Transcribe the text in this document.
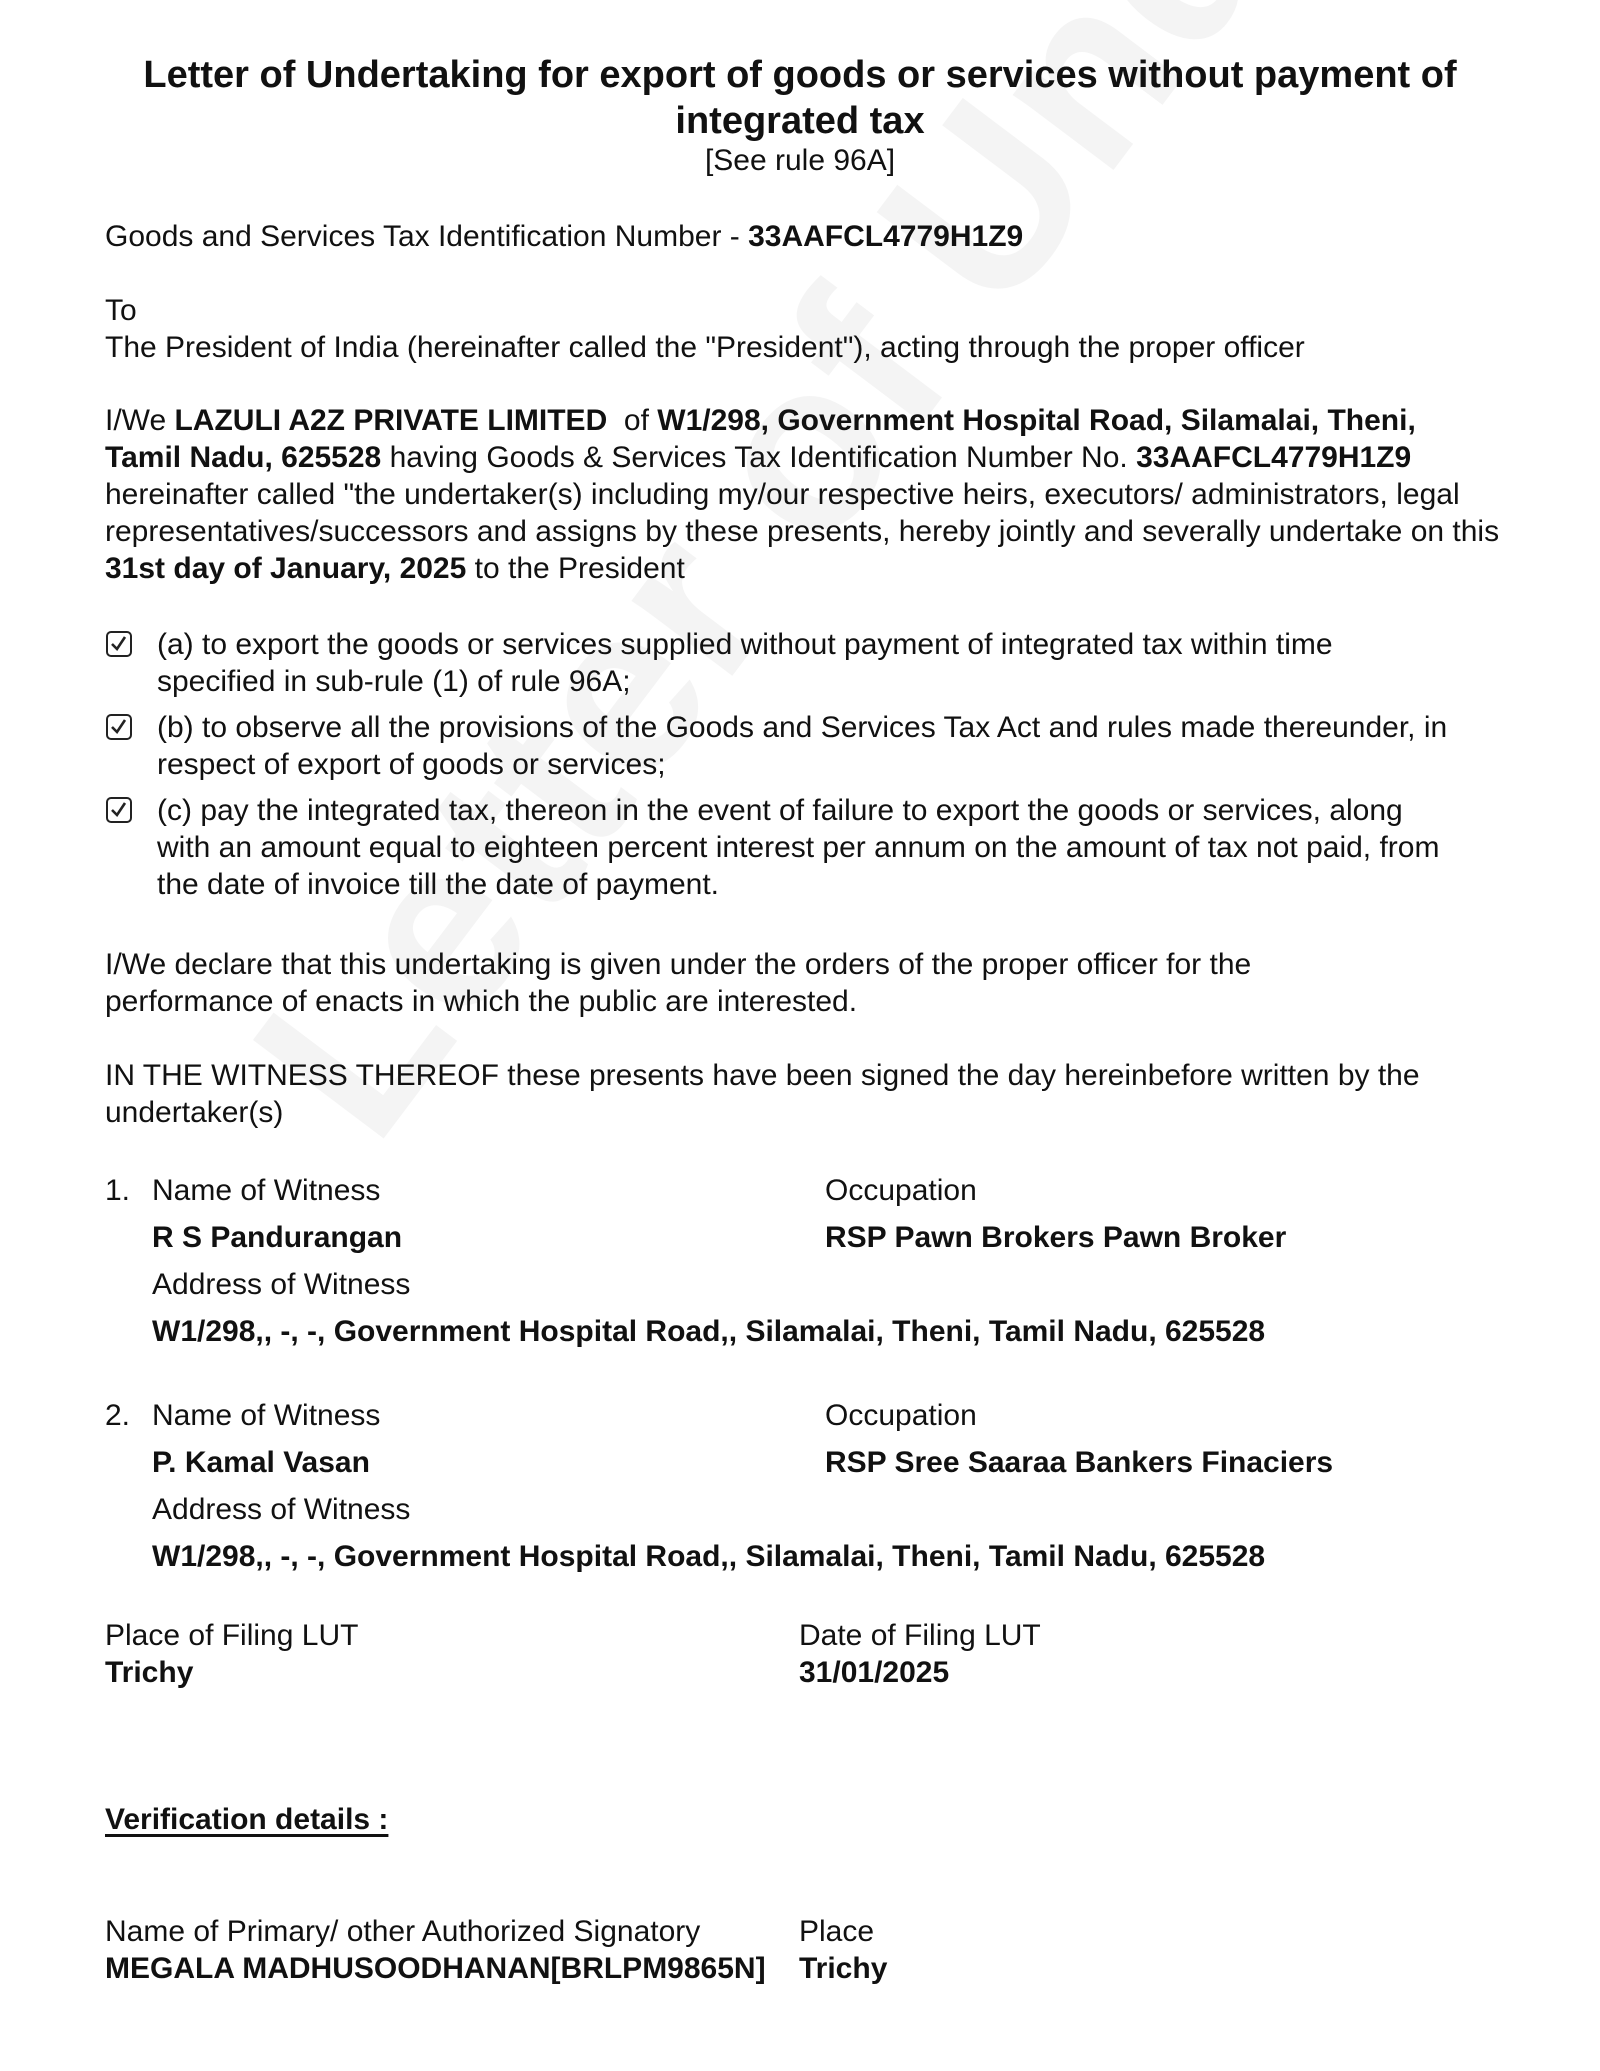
Letter of Undertaking for export of goods or services without payment of integrated tax
[See rule 96A]
Goods and Services Tax Identification Number - 33AAFCL4779H1Z9
To
The President of India (hereinafter called the "President"), acting through the proper officer
I/We LAZULI A2Z PRIVATE LIMITED  of W1/298, Government Hospital Road, Silamalai, Theni, Tamil Nadu, 625528 having Goods & Services Tax Identification Number No. 33AAFCL4779H1Z9 hereinafter called "the undertaker(s) including my/our respective heirs, executors/ administrators, legal representatives/successors and assigns by these presents, hereby jointly and severally undertake on this 31st day of January, 2025 to the President
(a) to export the goods or services supplied without payment of integrated tax within time specified in sub-rule (1) of rule 96A;
(b) to observe all the provisions of the Goods and Services Tax Act and rules made thereunder, in respect of export of goods or services;
(c) pay the integrated tax, thereon in the event of failure to export the goods or services, along with an amount equal to eighteen percent interest per annum on the amount of tax not paid, from the date of invoice till the date of payment.
I/We declare that this undertaking is given under the orders of the proper officer for the performance of enacts in which the public are interested.
IN THE WITNESS THEREOF these presents have been signed the day hereinbefore written by the undertaker(s)
1. Name of Witness
R S Pandurangan
Address of Witness
W1/298,, -, -, Government Hospital Road,, Silamalai, Theni, Tamil Nadu, 625528
Occupation
RSP Pawn Brokers Pawn Broker
2. Name of Witness
P. Kamal Vasan
Address of Witness
W1/298,, -, -, Government Hospital Road,, Silamalai, Theni, Tamil Nadu, 625528
Occupation
RSP Sree Saaraa Bankers Finaciers
Place of Filing LUT
Trichy
Date of Filing LUT
31/01/2025
Verification details :
Name of Primary/ other Authorized Signatory
MEGALA MADHUSOODHANAN[BRLPM9865N]
Place
Trichy
